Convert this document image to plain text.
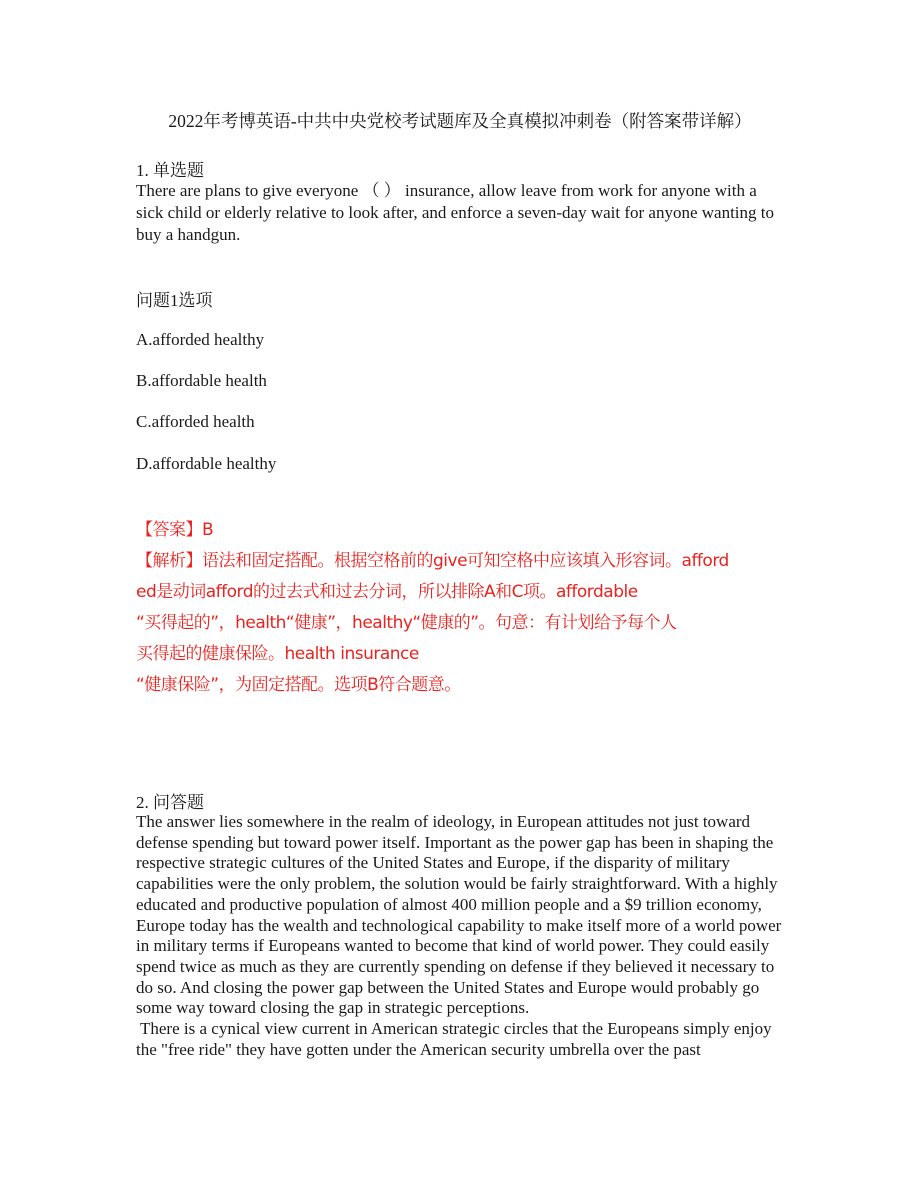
2022年考博英语-中共中央党校考试题库及全真模拟冲刺卷（附答案带详解）
1. 单选题
There are plans to give everyone （ ） insurance, allow leave from work for anyone with a sick child or elderly relative to look after, and enforce a seven-day wait for anyone wanting to buy a handgun.
问题1选项
A.afforded healthy
B.affordable health
C.afforded health
D.affordable healthy
【答案】B
【解析】语法和固定搭配。根据空格前的give可知空格中应该填入形容词。afford
ed是动词afford的过去式和过去分词，所以排除A和C项。affordable
“买得起的”，health“健康”，healthy“健康的”。句意：有计划给予每个人
买得起的健康保险。health insurance
“健康保险”，为固定搭配。选项B符合题意。
2. 问答题

The answer lies somewhere in the realm of ideology, in European attitudes not just toward defense spending but toward power itself. Important as the power gap has been in shaping the respective strategic cultures of the United States and Europe, if the disparity of military capabilities were the only problem, the solution would be fairly straightforward. With a highly educated and productive population of almost 400 million people and a $9 trillion economy, Europe today has the wealth and technological capability to make itself more of a world power in military terms if Europeans wanted to become that kind of world power. They could easily spend twice as much as they are currently spending on defense if they believed it necessary to do so. And closing the power gap between the United States and Europe would probably go some way toward closing the gap in strategic perceptions.

There is a cynical view current in American strategic circles that the Europeans simply enjoy the "free ride" they have gotten under the American security umbrella over the past
